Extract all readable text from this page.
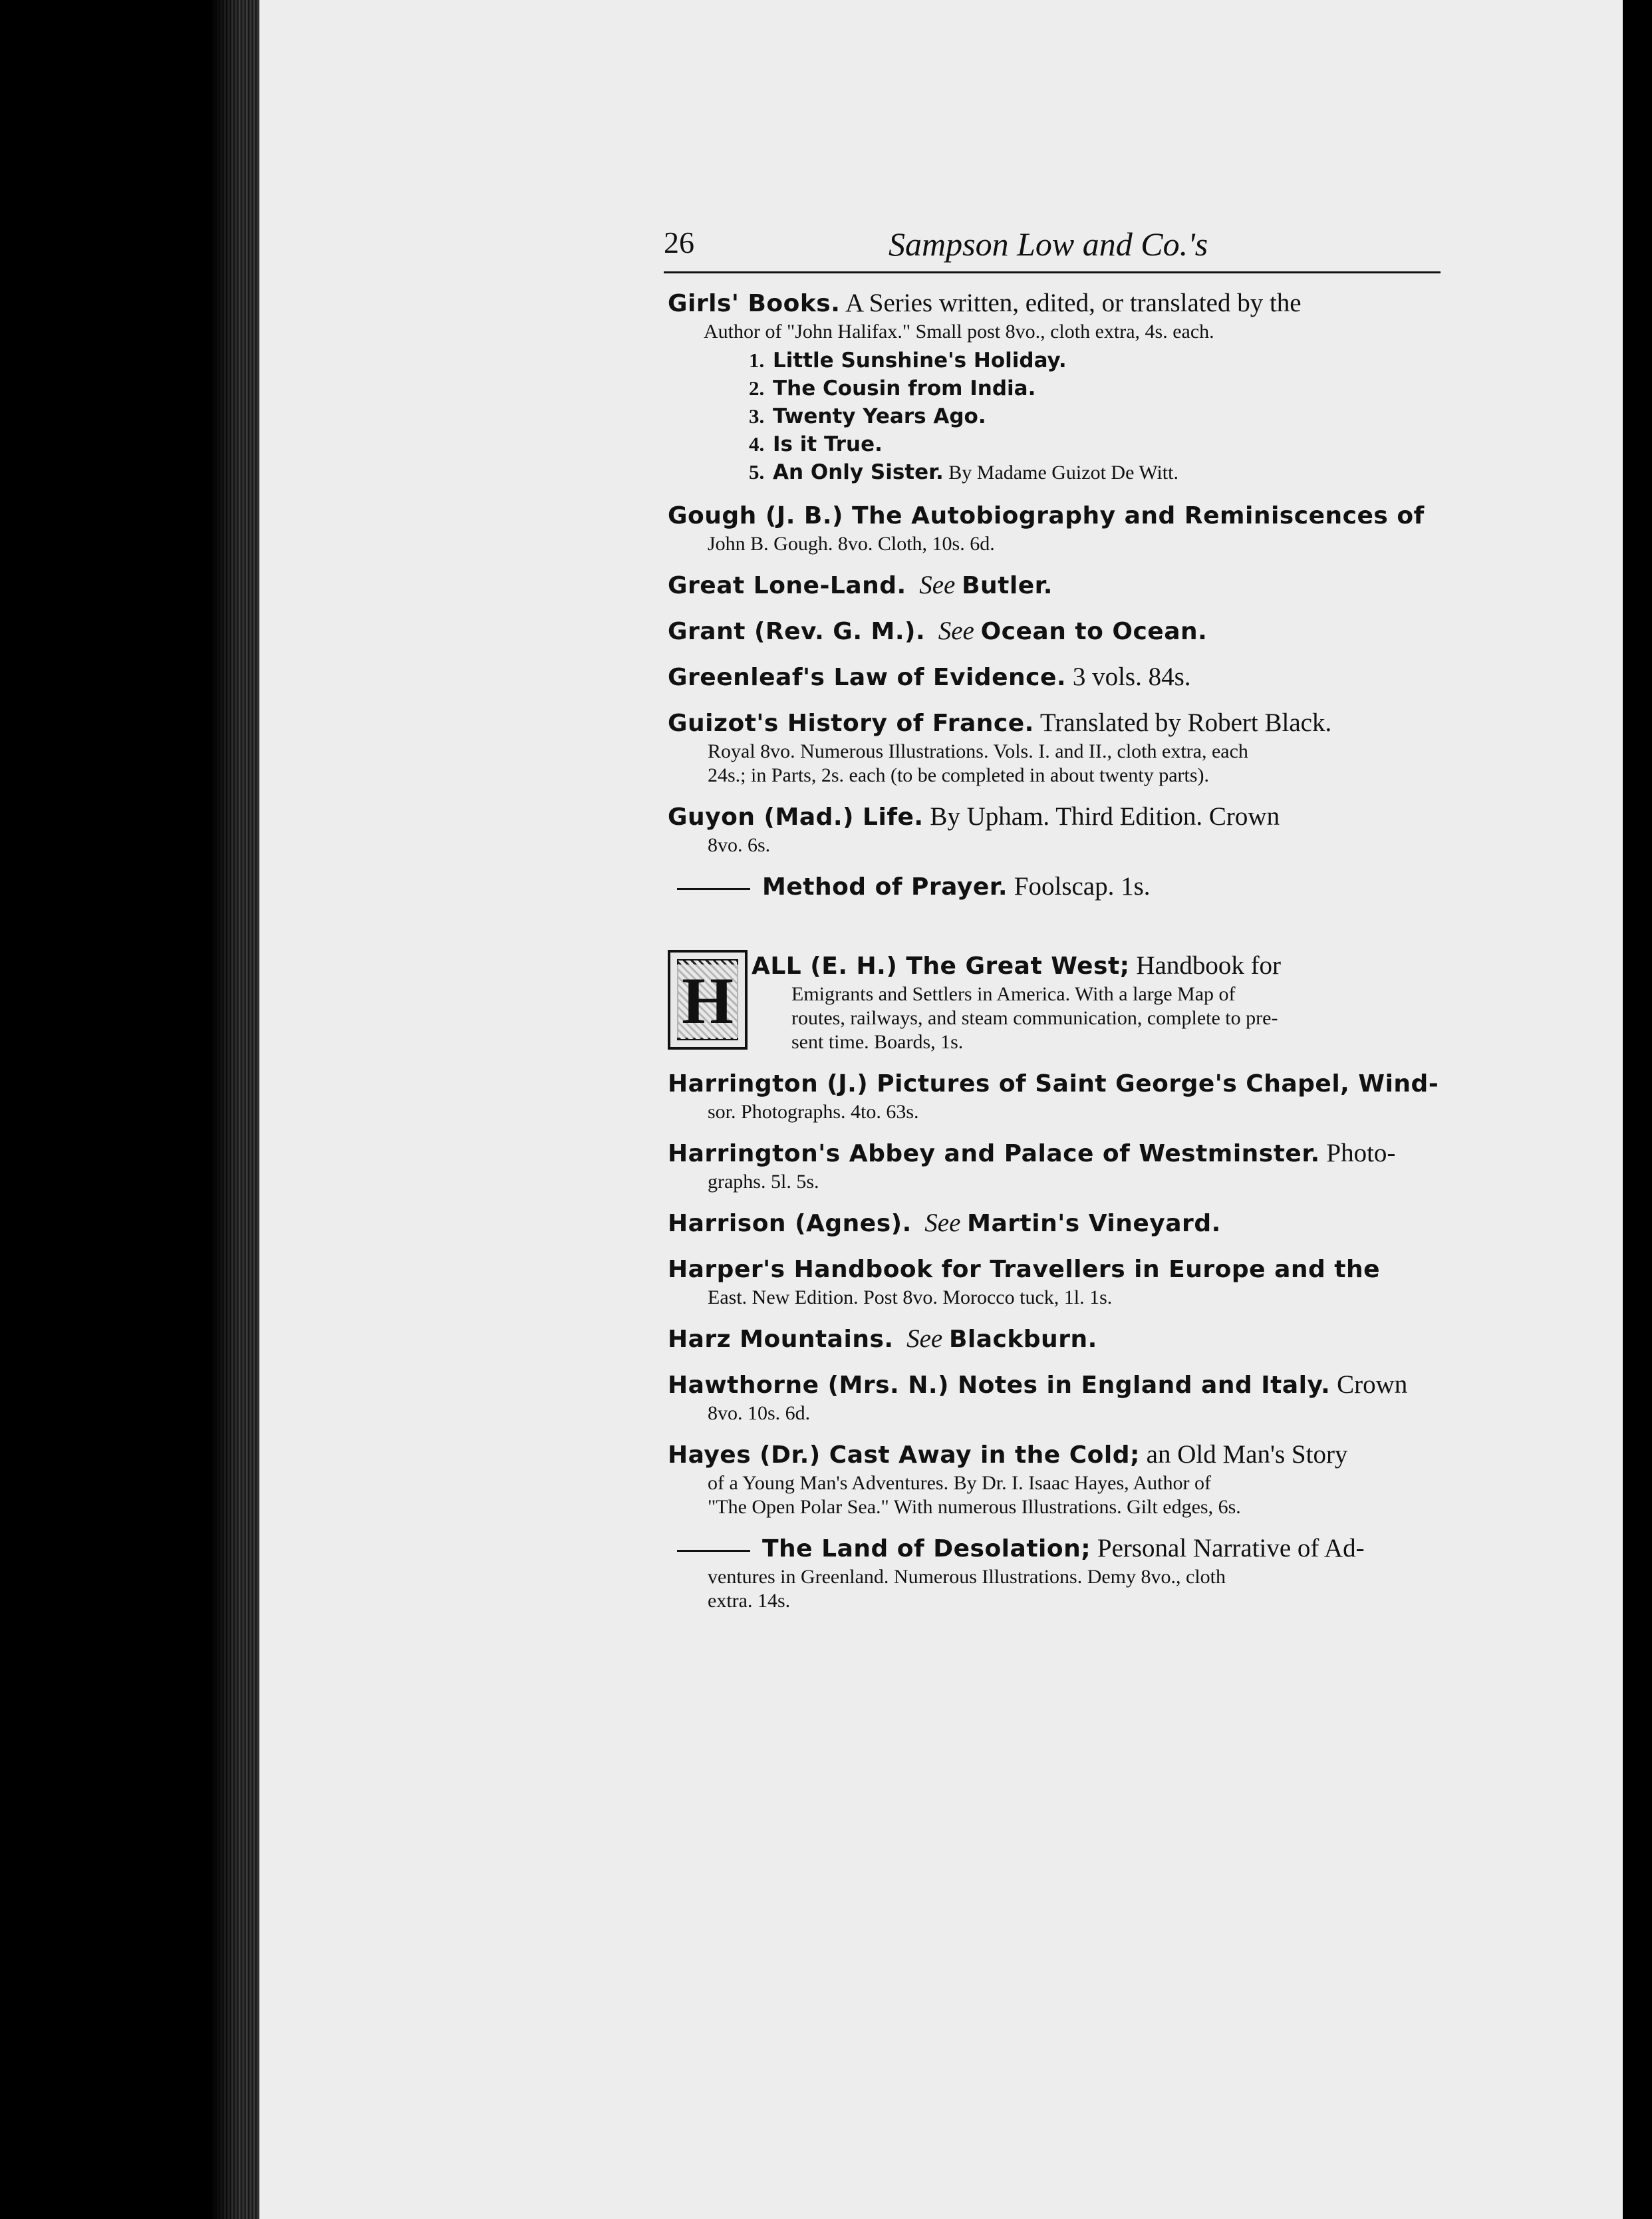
26	Sampson Low and Co.'s
Girls' Books. A Series written, edited, or translated by the
Author of "John Halifax." Small post 8vo., cloth extra, 4s. each.
1. Little Sunshine's Holiday.
2. The Cousin from India.
3. Twenty Years Ago.
4. Is it True.
5. An Only Sister. By Madame Guizot De Witt.
Gough (J. B.) The Autobiography and Reminiscences of
John B. Gough. 8vo. Cloth, 10s. 6d.
Great Lone-Land. See Butler.
Grant (Rev. G. M.). See Ocean to Ocean.
Greenleaf's Law of Evidence. 3 vols. 84s.
Guizot's History of France. Translated by Robert Black.
Royal 8vo. Numerous Illustrations. Vols. I. and II., cloth extra, each
24s.; in Parts, 2s. each (to be completed in about twenty parts).
Guyon (Mad.) Life. By Upham. Third Edition. Crown
8vo. 6s.
Method of Prayer. Foolscap. 1s.
H ALL (E. H.) The Great West; Handbook for
Emigrants and Settlers in America. With a large Map of
routes, railways, and steam communication, complete to pre-
sent time. Boards, 1s.
Harrington (J.) Pictures of Saint George's Chapel, Wind-
sor. Photographs. 4to. 63s.
Harrington's Abbey and Palace of Westminster. Photo-
graphs. 5l. 5s.
Harrison (Agnes). See Martin's Vineyard.
Harper's Handbook for Travellers in Europe and the
East. New Edition. Post 8vo. Morocco tuck, 1l. 1s.
Harz Mountains. See Blackburn.
Hawthorne (Mrs. N.) Notes in England and Italy. Crown
8vo. 10s. 6d.
Hayes (Dr.) Cast Away in the Cold; an Old Man's Story
of a Young Man's Adventures. By Dr. I. Isaac Hayes, Author of
"The Open Polar Sea." With numerous Illustrations. Gilt edges, 6s.
The Land of Desolation; Personal Narrative of Ad-
ventures in Greenland. Numerous Illustrations. Demy 8vo., cloth
extra. 14s.
